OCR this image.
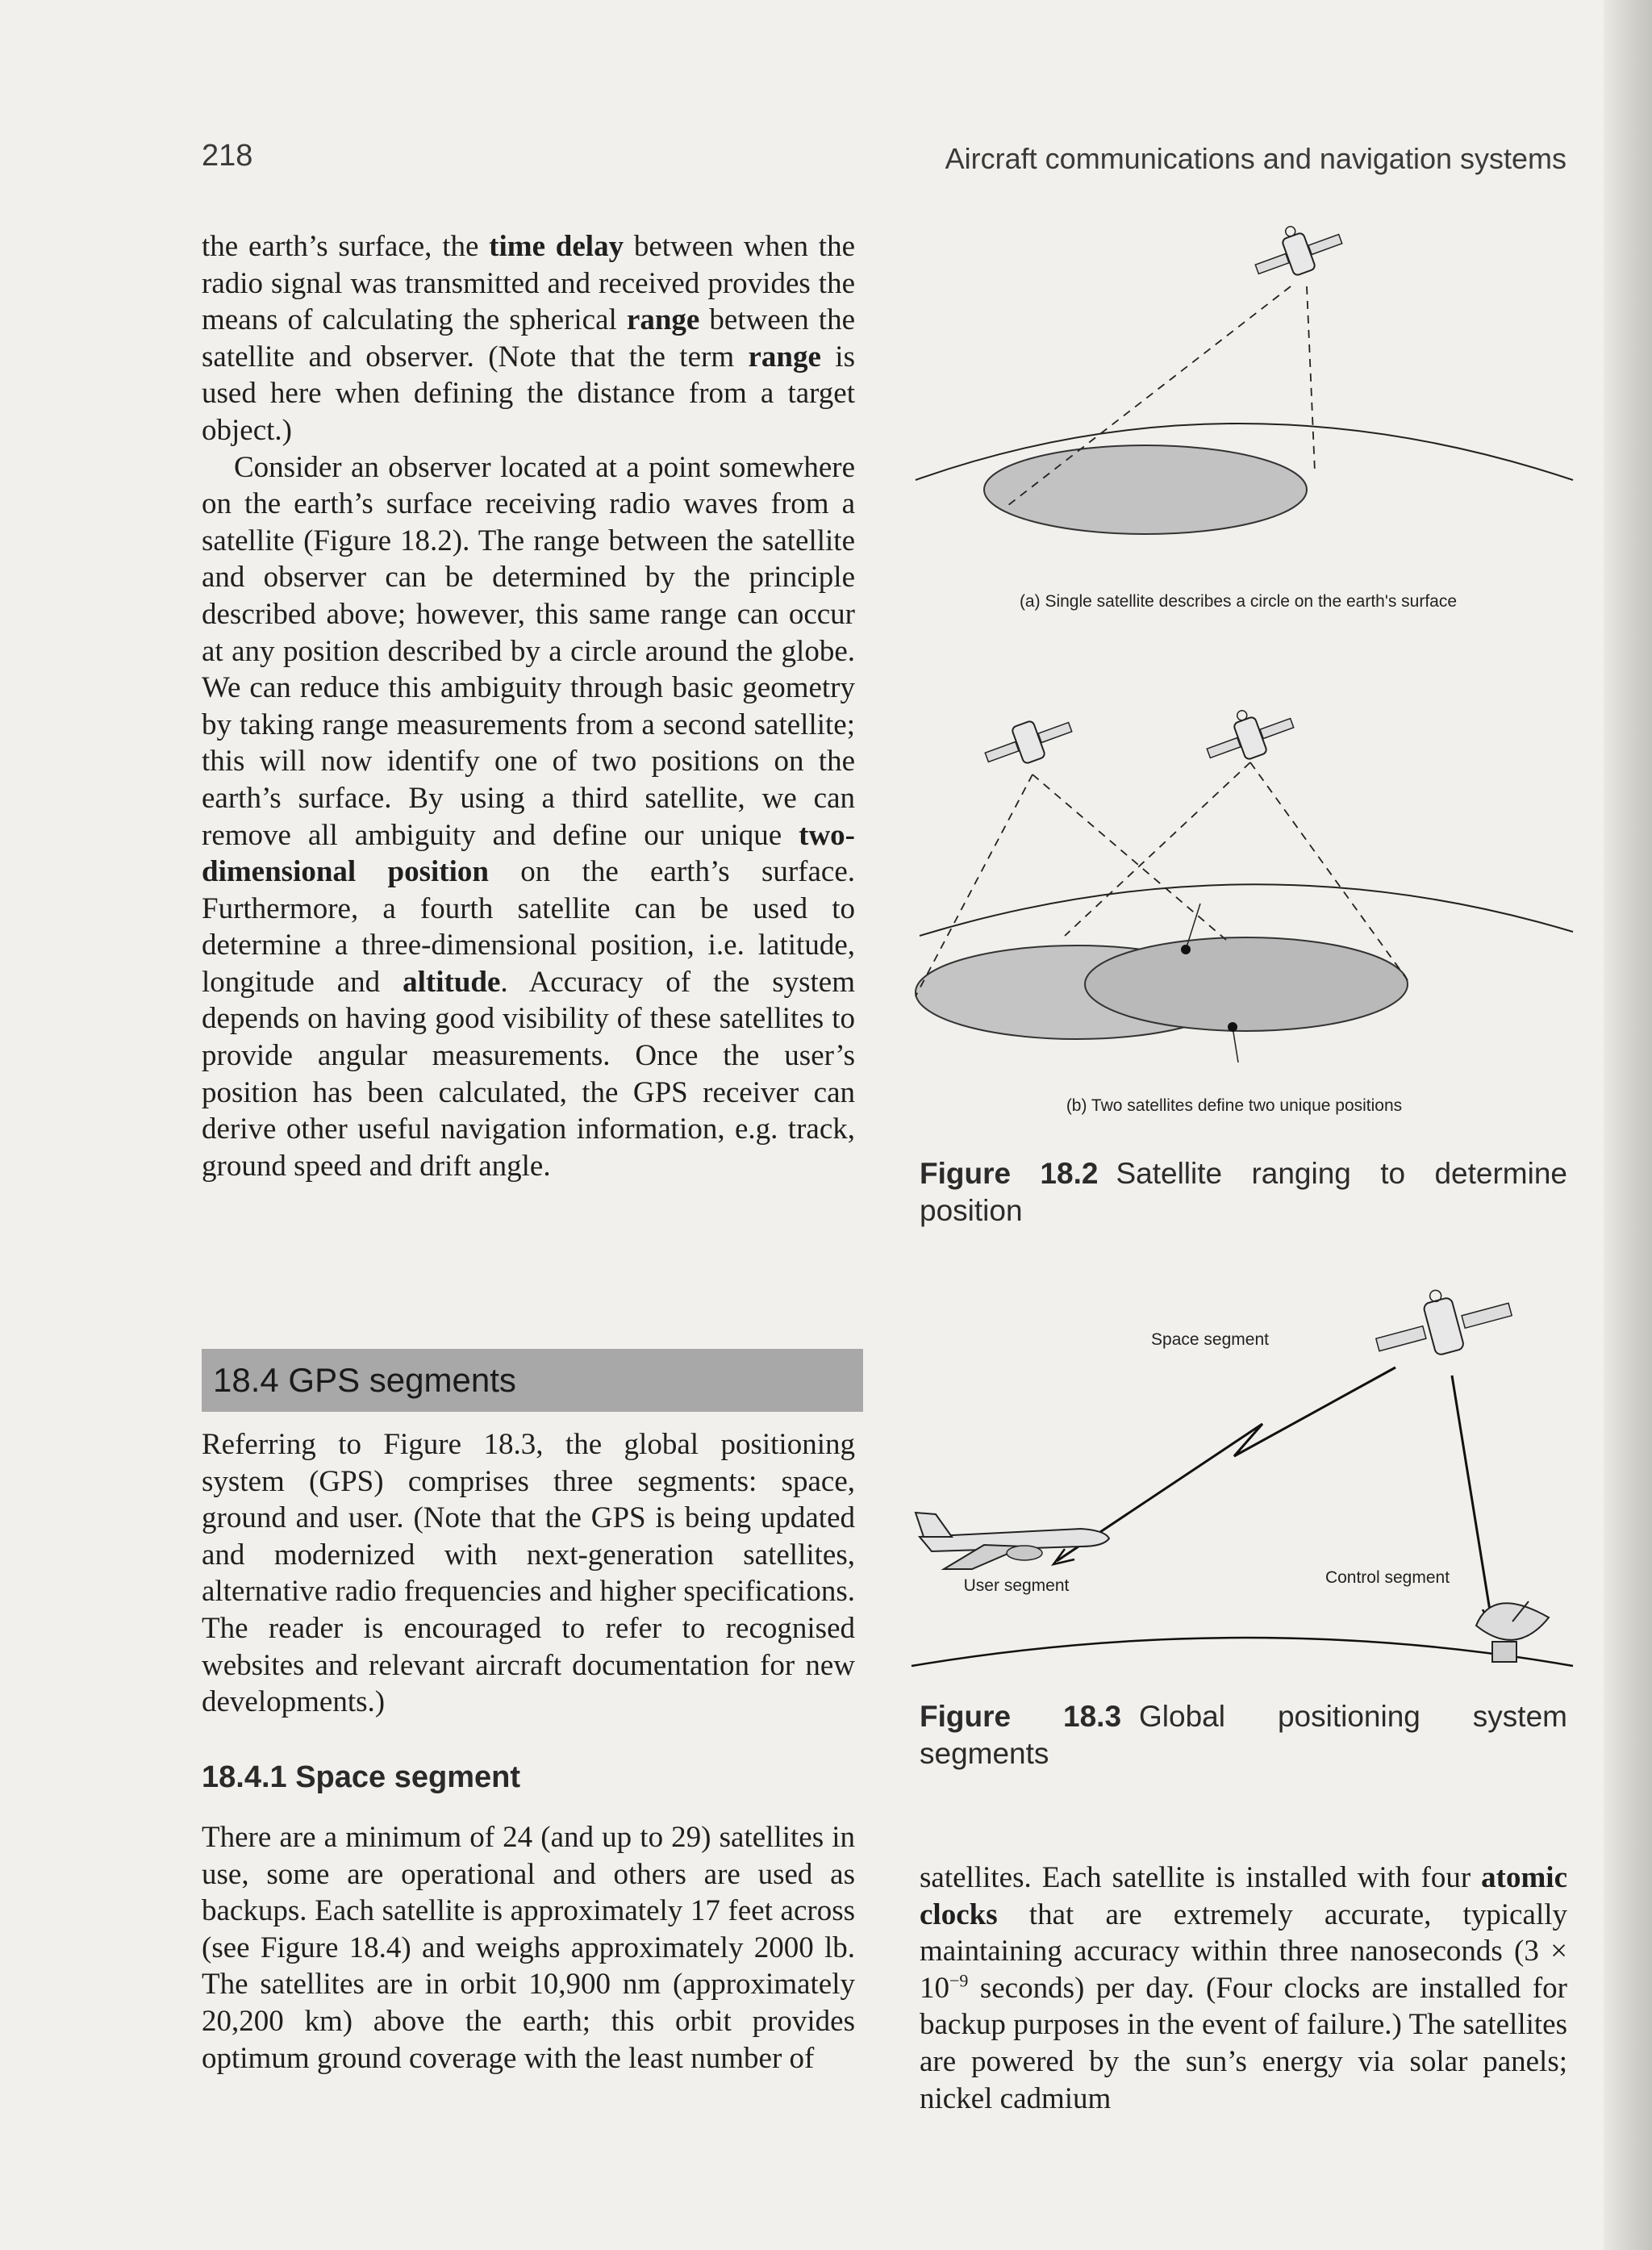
218	Aircraft communications and navigation systems

the earth’s surface, the time delay between when the radio signal was transmitted and received provides the means of calculating the spherical range between the satellite and observer. (Note that the term range is used here when defining the distance from a target object.)

Consider an observer located at a point somewhere on the earth’s surface receiving radio waves from a satellite (Figure 18.2). The range between the satellite and observer can be determined by the principle described above; however, this same range can occur at any position described by a circle around the globe. We can reduce this ambiguity through basic geometry by taking range measurements from a second satellite; this will now identify one of two positions on the earth’s surface. By using a third satellite, we can remove all ambiguity and define our unique two-dimensional position on the earth’s surface. Furthermore, a fourth satellite can be used to determine a three-dimensional position, i.e. latitude, longitude and altitude. Accuracy of the system depends on having good visibility of these satellites to provide angular measurements. Once the user’s position has been calculated, the GPS receiver can derive other useful navigation information, e.g. track, ground speed and drift angle.

18.4 GPS segments

Referring to Figure 18.3, the global positioning system (GPS) comprises three segments: space, ground and user. (Note that the GPS is being updated and modernized with next-generation satellites, alternative radio frequencies and higher specifications. The reader is encouraged to refer to recognised websites and relevant aircraft documentation for new developments.)

18.4.1 Space segment

There are a minimum of 24 (and up to 29) satellites in use, some are operational and others are used as backups. Each satellite is approximately 17 feet across (see Figure 18.4) and weighs approximately 2000 lb. The satellites are in orbit 10,900 nm (approximately 20,200 km) above the earth; this orbit provides optimum ground coverage with the least number of

satellites. Each satellite is installed with four atomic clocks that are extremely accurate, typically maintaining accuracy within three nanoseconds ($3 \times 10^{-9}$ seconds) per day. (Four clocks are installed for backup purposes in the event of failure.) The satellites are powered by the sun’s energy via solar panels; nickel cadmium

(a) Single satellite describes a circle on the earth's surface
(b) Two satellites define two unique positions
Figure 18.2 Satellite ranging to determine position
Space segment
User segment	Control segment
Figure 18.3 Global positioning system segments
